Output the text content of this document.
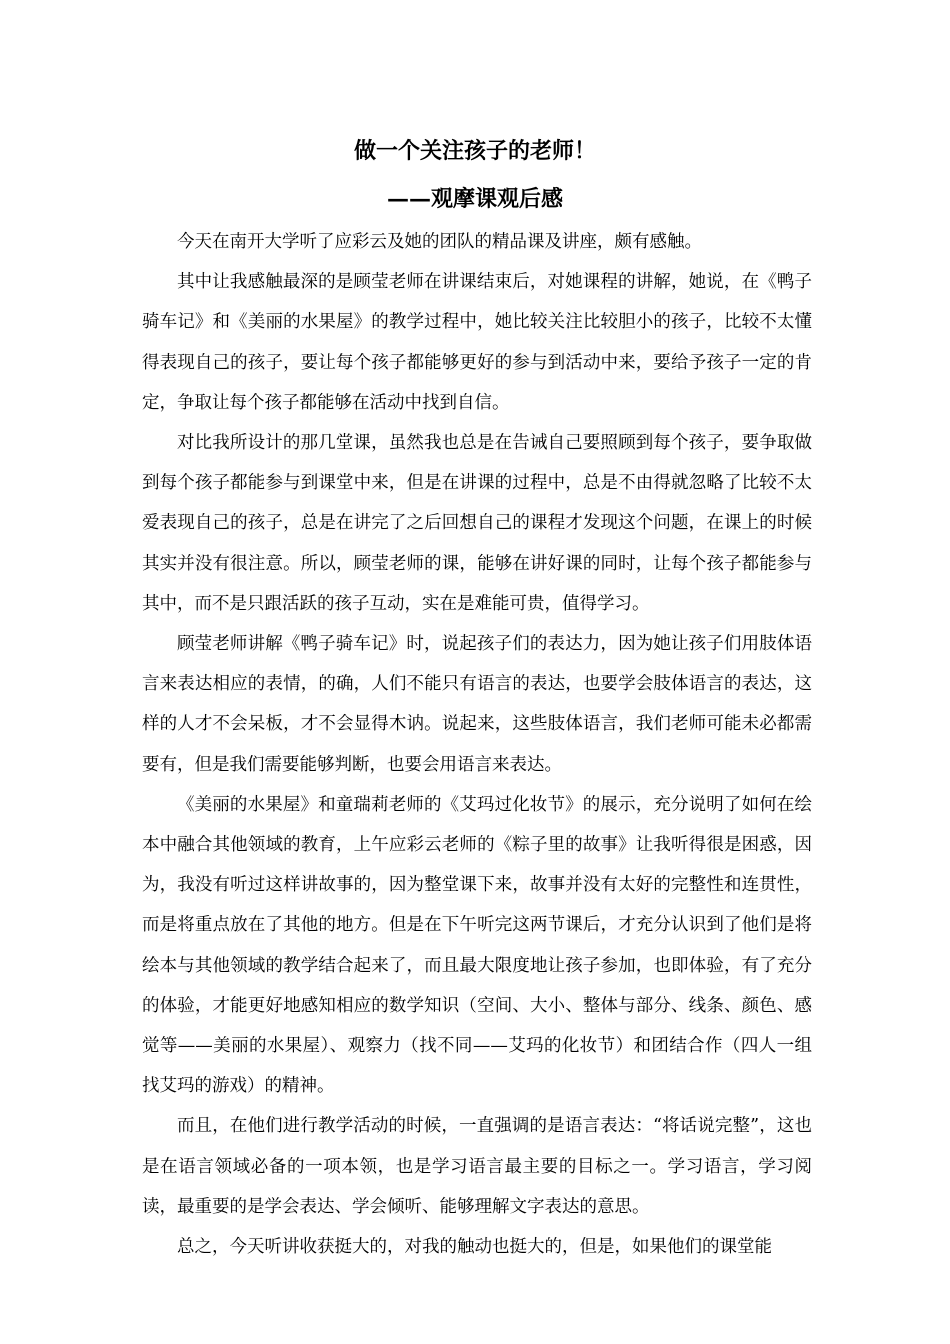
做一个关注孩子的老师！
——观摩课观后感

今天在南开大学听了应彩云及她的团队的精品课及讲座，颇有感触。

其中让我感触最深的是顾莹老师在讲课结束后，对她课程的讲解，她说，在《鸭子骑车记》和《美丽的水果屋》的教学过程中，她比较关注比较胆小的孩子，比较不太懂得表现自己的孩子，要让每个孩子都能够更好的参与到活动中来，要给予孩子一定的肯定，争取让每个孩子都能够在活动中找到自信。

对比我所设计的那几堂课，虽然我也总是在告诫自己要照顾到每个孩子，要争取做到每个孩子都能参与到课堂中来，但是在讲课的过程中，总是不由得就忽略了比较不太爱表现自己的孩子，总是在讲完了之后回想自己的课程才发现这个问题，在课上的时候其实并没有很注意。所以，顾莹老师的课，能够在讲好课的同时，让每个孩子都能参与其中，而不是只跟活跃的孩子互动，实在是难能可贵，值得学习。

顾莹老师讲解《鸭子骑车记》时，说起孩子们的表达力，因为她让孩子们用肢体语言来表达相应的表情，的确，人们不能只有语言的表达，也要学会肢体语言的表达，这样的人才不会呆板，才不会显得木讷。说起来，这些肢体语言，我们老师可能未必都需要有，但是我们需要能够判断，也要会用语言来表达。

《美丽的水果屋》和童瑞莉老师的《艾玛过化妆节》的展示，充分说明了如何在绘本中融合其他领域的教育，上午应彩云老师的《粽子里的故事》让我听得很是困惑，因为，我没有听过这样讲故事的，因为整堂课下来，故事并没有太好的完整性和连贯性，而是将重点放在了其他的地方。但是在下午听完这两节课后，才充分认识到了他们是将绘本与其他领域的教学结合起来了，而且最大限度地让孩子参加，也即体验，有了充分的体验，才能更好地感知相应的数学知识（空间、大小、整体与部分、线条、颜色、感觉等——美丽的水果屋）、观察力（找不同——艾玛的化妆节）和团结合作（四人一组找艾玛的游戏）的精神。

而且，在他们进行教学活动的时候，一直强调的是语言表达：“将话说完整”，这也是在语言领域必备的一项本领，也是学习语言最主要的目标之一。学习语言，学习阅读，最重要的是学会表达、学会倾听、能够理解文字表达的意思。

总之，今天听讲收获挺大的，对我的触动也挺大的，但是，如果他们的课堂能
